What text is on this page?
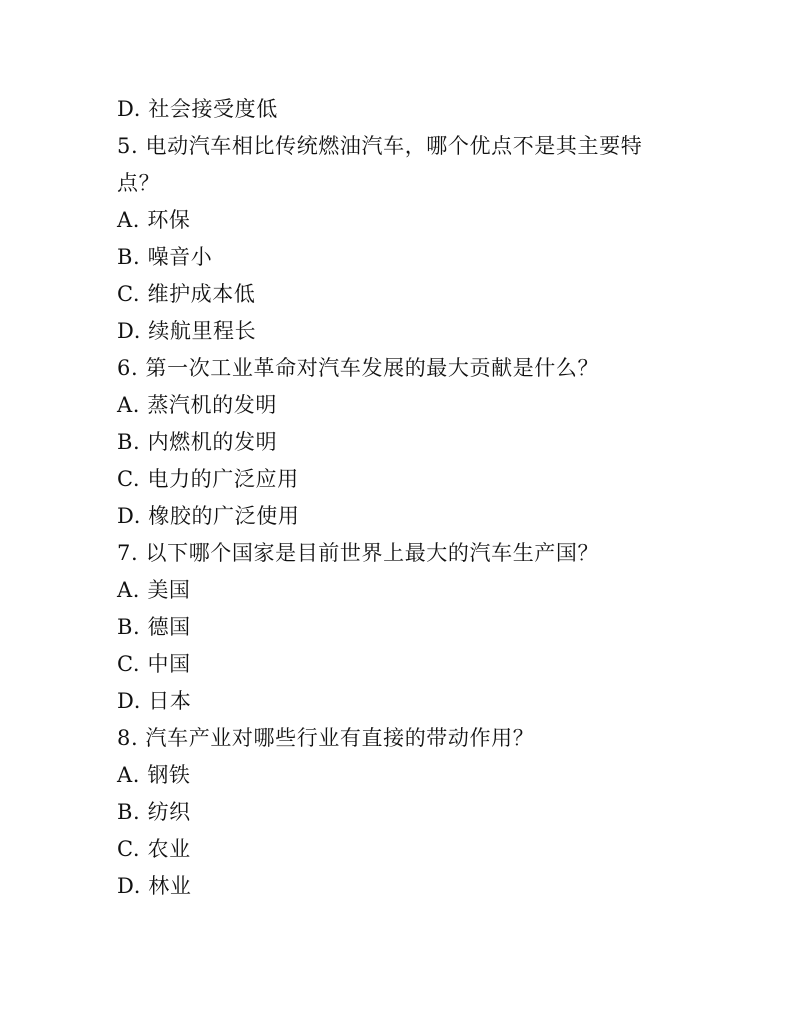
D. 社会接受度低
5. 电动汽车相比传统燃油汽车，哪个优点不是其主要特点？
A. 环保
B. 噪音小
C. 维护成本低
D. 续航里程长
6. 第一次工业革命对汽车发展的最大贡献是什么？
A. 蒸汽机的发明
B. 内燃机的发明
C. 电力的广泛应用
D. 橡胶的广泛使用
7. 以下哪个国家是目前世界上最大的汽车生产国？
A. 美国
B. 德国
C. 中国
D. 日本
8. 汽车产业对哪些行业有直接的带动作用？
A. 钢铁
B. 纺织
C. 农业
D. 林业
